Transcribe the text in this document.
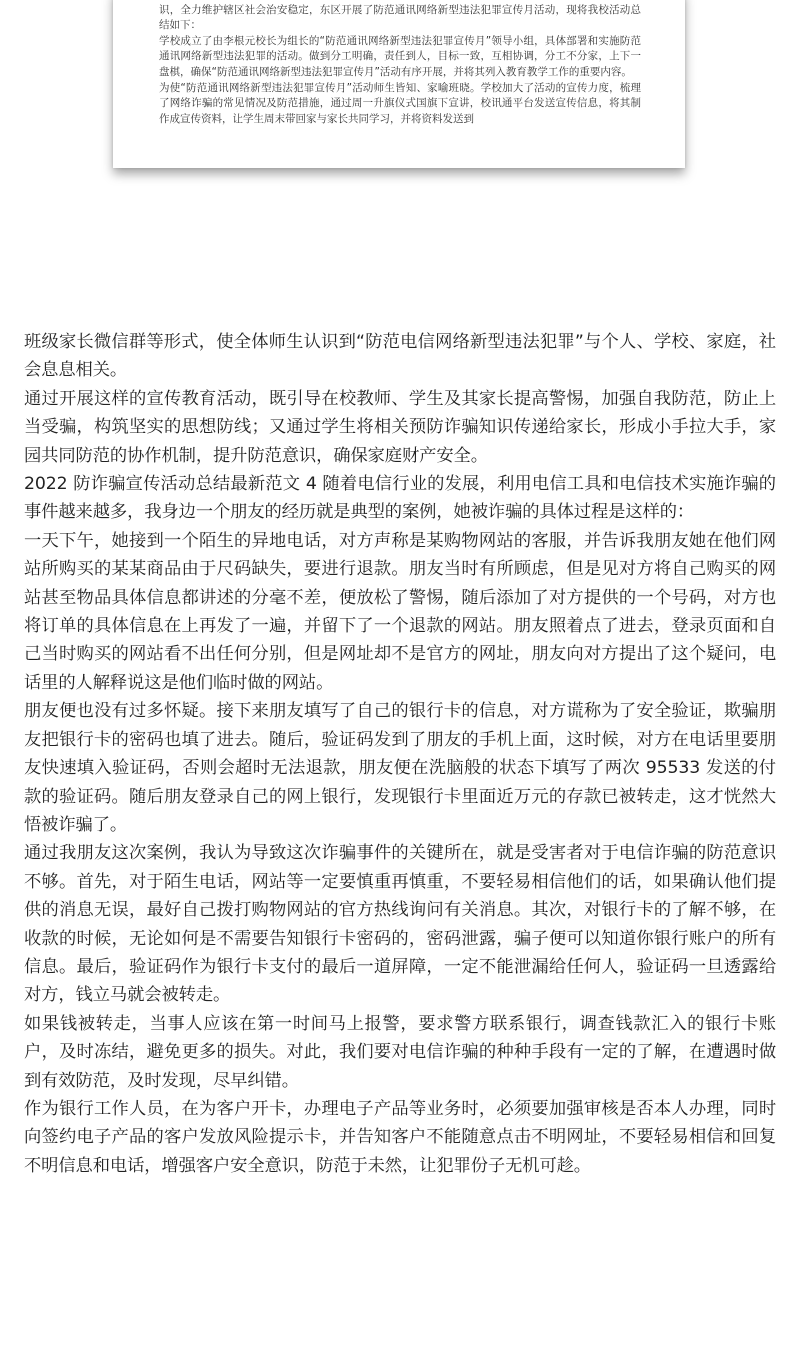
识，全力维护辖区社会治安稳定，东区开展了防范通讯网络新型违法犯罪宣传月活动，现将我校活动总结如下：

学校成立了由李根元校长为组长的“防范通讯网络新型违法犯罪宣传月”领导小组，具体部署和实施防范通讯网络新型违法犯罪的活动。做到分工明确，责任到人，目标一致，互相协调，分工不分家，上下一盘棋，确保“防范通讯网络新型违法犯罪宣传月”活动有序开展，并将其列入教育教学工作的重要内容。

为使“防范通讯网络新型违法犯罪宣传月”活动师生皆知、家喻班晓。学校加大了活动的宣传力度，梳理了网络诈骗的常见情况及防范措施，通过周一升旗仪式国旗下宣讲，校讯通平台发送宣传信息，将其制作成宣传资料，让学生周末带回家与家长共同学习，并将资料发送到

班级家长微信群等形式，使全体师生认识到“防范电信网络新型违法犯罪”与个人、学校、家庭，社会息息相关。

通过开展这样的宣传教育活动，既引导在校教师、学生及其家长提高警惕，加强自我防范，防止上当受骗，构筑坚实的思想防线；又通过学生将相关预防诈骗知识传递给家长，形成小手拉大手，家园共同防范的协作机制，提升防范意识，确保家庭财产安全。

2022 防诈骗宣传活动总结最新范文 4 随着电信行业的发展，利用电信工具和电信技术实施诈骗的事件越来越多，我身边一个朋友的经历就是典型的案例，她被诈骗的具体过程是这样的：

一天下午，她接到一个陌生的异地电话，对方声称是某购物网站的客服，并告诉我朋友她在他们网站所购买的某某商品由于尺码缺失，要进行退款。朋友当时有所顾虑，但是见对方将自己购买的网站甚至物品具体信息都讲述的分毫不差，便放松了警惕，随后添加了对方提供的一个号码，对方也将订单的具体信息在上再发了一遍，并留下了一个退款的网站。朋友照着点了进去，登录页面和自己当时购买的网站看不出任何分别，但是网址却不是官方的网址，朋友向对方提出了这个疑问，电话里的人解释说这是他们临时做的网站。

朋友便也没有过多怀疑。接下来朋友填写了自己的银行卡的信息，对方谎称为了安全验证，欺骗朋友把银行卡的密码也填了进去。随后，验证码发到了朋友的手机上面，这时候，对方在电话里要朋友快速填入验证码，否则会超时无法退款，朋友便在洗脑般的状态下填写了两次 95533 发送的付款的验证码。随后朋友登录自己的网上银行，发现银行卡里面近万元的存款已被转走，这才恍然大悟被诈骗了。

通过我朋友这次案例，我认为导致这次诈骗事件的关键所在，就是受害者对于电信诈骗的防范意识不够。首先，对于陌生电话，网站等一定要慎重再慎重，不要轻易相信他们的话，如果确认他们提供的消息无误，最好自己拨打购物网站的官方热线询问有关消息。其次，对银行卡的了解不够，在收款的时候，无论如何是不需要告知银行卡密码的，密码泄露，骗子便可以知道你银行账户的所有信息。最后，验证码作为银行卡支付的最后一道屏障，一定不能泄漏给任何人，验证码一旦透露给对方，钱立马就会被转走。

如果钱被转走，当事人应该在第一时间马上报警，要求警方联系银行，调查钱款汇入的银行卡账户，及时冻结，避免更多的损失。对此，我们要对电信诈骗的种种手段有一定的了解，在遭遇时做到有效防范，及时发现，尽早纠错。

作为银行工作人员，在为客户开卡，办理电子产品等业务时，必须要加强审核是否本人办理，同时向签约电子产品的客户发放风险提示卡，并告知客户不能随意点击不明网址，不要轻易相信和回复不明信息和电话，增强客户安全意识，防范于未然，让犯罪份子无机可趁。
